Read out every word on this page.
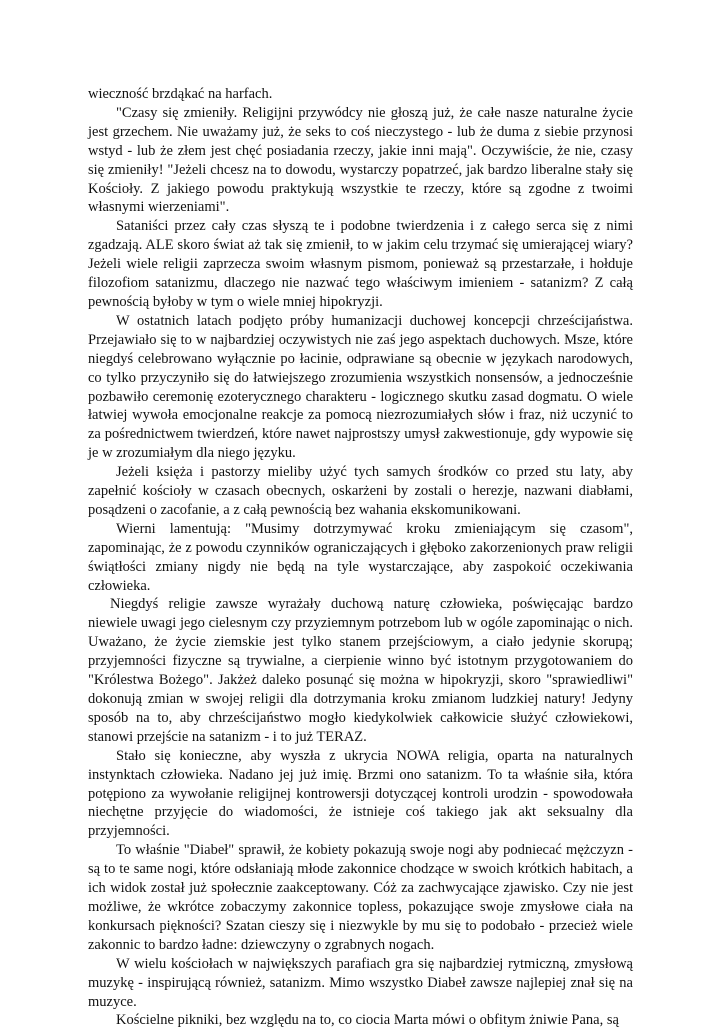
wieczność brzdąkać na harfach.

"Czasy się zmieniły. Religijni przywódcy nie głoszą już, że całe nasze naturalne życie jest grzechem. Nie uważamy już, że seks to coś nieczystego - lub że duma z siebie przynosi wstyd - lub że złem jest chęć posiadania rzeczy, jakie inni mają". Oczywiście, że nie, czasy się zmieniły! "Jeżeli chcesz na to dowodu, wystarczy popatrzeć, jak bardzo liberalne stały się Kościoły. Z jakiego powodu praktykują wszystkie te rzeczy, które są zgodne z twoimi własnymi wierzeniami".

Sataniści przez cały czas słyszą te i podobne twierdzenia i z całego serca się z nimi zgadzają. ALE skoro świat aż tak się zmienił, to w jakim celu trzymać się umierającej wiary? Jeżeli wiele religii zaprzecza swoim własnym pismom, ponieważ są przestarzałe, i hołduje filozofiom satanizmu, dlaczego nie nazwać tego właściwym imieniem - satanizm? Z całą pewnością byłoby w tym o wiele mniej hipokryzji.

W ostatnich latach podjęto próby humanizacji duchowej koncepcji chrześcijaństwa. Przejawiało się to w najbardziej oczywistych nie zaś jego aspektach duchowych. Msze, które niegdyś celebrowano wyłącznie po łacinie, odprawiane są obecnie w językach narodowych, co tylko przyczyniło się do łatwiejszego zrozumienia wszystkich nonsensów, a jednocześnie pozbawiło ceremonię ezoterycznego charakteru - logicznego skutku zasad dogmatu. O wiele łatwiej wywoła emocjonalne reakcje za pomocą niezrozumiałych słów i fraz, niż uczynić to za pośrednictwem twierdzeń, które nawet najprostszy umysł zakwestionuje, gdy wypowie się je w zrozumiałym dla niego języku.

Jeżeli księża i pastorzy mieliby użyć tych samych środków co przed stu laty, aby zapełnić kościoły w czasach obecnych, oskarżeni by zostali o herezje, nazwani diabłami, posądzeni o zacofanie, a z całą pewnością bez wahania ekskomunikowani.

Wierni lamentują: "Musimy dotrzymywać kroku zmieniającym się czasom", zapominając, że z powodu czynników ograniczających i głęboko zakorzenionych praw religii świątłości zmiany nigdy nie będą na tyle wystarczające, aby zaspokoić oczekiwania człowieka.

Niegdyś religie zawsze wyrażały duchową naturę człowieka, poświęcając bardzo niewiele uwagi jego cielesnym czy przyziemnym potrzebom lub w ogóle zapominając o nich. Uważano, że życie ziemskie jest tylko stanem przejściowym, a ciało jedynie skorupą; przyjemności fizyczne są trywialne, a cierpienie winno być istotnym przygotowaniem do "Królestwa Bożego". Jakżeż daleko posunąć się można w hipokryzji, skoro "sprawiedliwi" dokonują zmian w swojej religii dla dotrzymania kroku zmianom ludzkiej natury! Jedyny sposób na to, aby chrześcijaństwo mogło kiedykolwiek całkowicie służyć człowiekowi, stanowi przejście na satanizm - i to już TERAZ.

Stało się konieczne, aby wyszła z ukrycia NOWA religia, oparta na naturalnych instynktach człowieka. Nadano jej już imię. Brzmi ono satanizm. To ta właśnie siła, która potępiono za wywołanie religijnej kontrowersji dotyczącej kontroli urodzin - spowodowała niechętne przyjęcie do wiadomości, że istnieje coś takiego jak akt seksualny dla przyjemności.

To właśnie "Diabeł" sprawił, że kobiety pokazują swoje nogi aby podniecać mężczyzn - są to te same nogi, które odsłaniają młode zakonnice chodzące w swoich krótkich habitach, a ich widok został już społecznie zaakceptowany. Cóż za zachwycające zjawisko. Czy nie jest możliwe, że wkrótce zobaczymy zakonnice topless, pokazujące swoje zmysłowe ciała na konkursach piękności? Szatan cieszy się i niezwykle by mu się to podobało - przecież wiele zakonnic to bardzo ładne: dziewczyny o zgrabnych nogach.

W wielu kościołach w największych parafiach gra się najbardziej rytmiczną, zmysłową muzykę - inspirującą również, satanizm. Mimo wszystko Diabeł zawsze najlepiej znał się na muzyce.

Kościelne pikniki, bez względu na to, co ciocia Marta mówi o obfitym żniwie Pana, są
